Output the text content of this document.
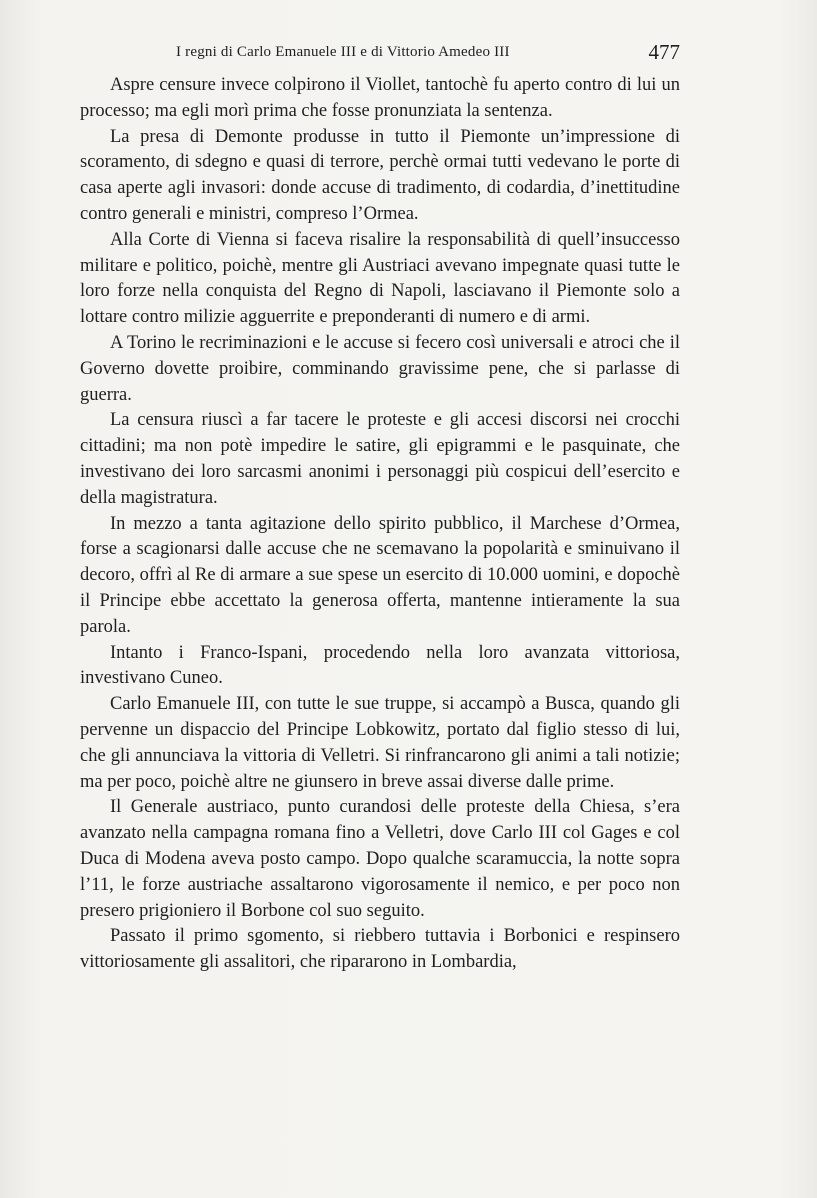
I regni di Carlo Emanuele III e di Vittorio Amedeo III	477

Aspre censure invece colpirono il Viollet, tantochè fu aperto contro di lui un processo; ma egli morì prima che fosse pronunziata la sentenza.

La presa di Demonte produsse in tutto il Piemonte un’impressione di scoramento, di sdegno e quasi di terrore, perchè ormai tutti vedevano le porte di casa aperte agli invasori: donde accuse di tradimento, di codardia, d’inettitudine contro generali e ministri, compreso l’Ormea.

Alla Corte di Vienna si faceva risalire la responsabilità di quell’insuccesso militare e politico, poichè, mentre gli Austriaci avevano impegnate quasi tutte le loro forze nella conquista del Regno di Napoli, lasciavano il Piemonte solo a lottare contro milizie agguerrite e preponderanti di numero e di armi.

A Torino le recriminazioni e le accuse si fecero così universali e atroci che il Governo dovette proibire, comminando gravissime pene, che si parlasse di guerra.

La censura riuscì a far tacere le proteste e gli accesi discorsi nei crocchi cittadini; ma non potè impedire le satire, gli epigrammi e le pasquinate, che investivano dei loro sarcasmi anonimi i personaggi più cospicui dell’esercito e della magistratura.

In mezzo a tanta agitazione dello spirito pubblico, il Marchese d’Ormea, forse a scagionarsi dalle accuse che ne scemavano la popolarità e sminuivano il decoro, offrì al Re di armare a sue spese un esercito di 10.000 uomini, e dopochè il Principe ebbe accettato la generosa offerta, mantenne intieramente la sua parola.

Intanto i Franco-Ispani, procedendo nella loro avanzata vittoriosa, investivano Cuneo.

Carlo Emanuele III, con tutte le sue truppe, si accampò a Busca, quando gli pervenne un dispaccio del Principe Lobkowitz, portato dal figlio stesso di lui, che gli annunciava la vittoria di Velletri. Si rinfrancarono gli animi a tali notizie; ma per poco, poichè altre ne giunsero in breve assai diverse dalle prime.

Il Generale austriaco, punto curandosi delle proteste della Chiesa, s’era avanzato nella campagna romana fino a Velletri, dove Carlo III col Gages e col Duca di Modena aveva posto campo. Dopo qualche scaramuccia, la notte sopra l’11, le forze austriache assaltarono vigorosamente il nemico, e per poco non presero prigioniero il Borbone col suo seguito.

Passato il primo sgomento, si riebbero tuttavia i Borbonici e respinsero vittoriosamente gli assalitori, che ripararono in Lombardia,
